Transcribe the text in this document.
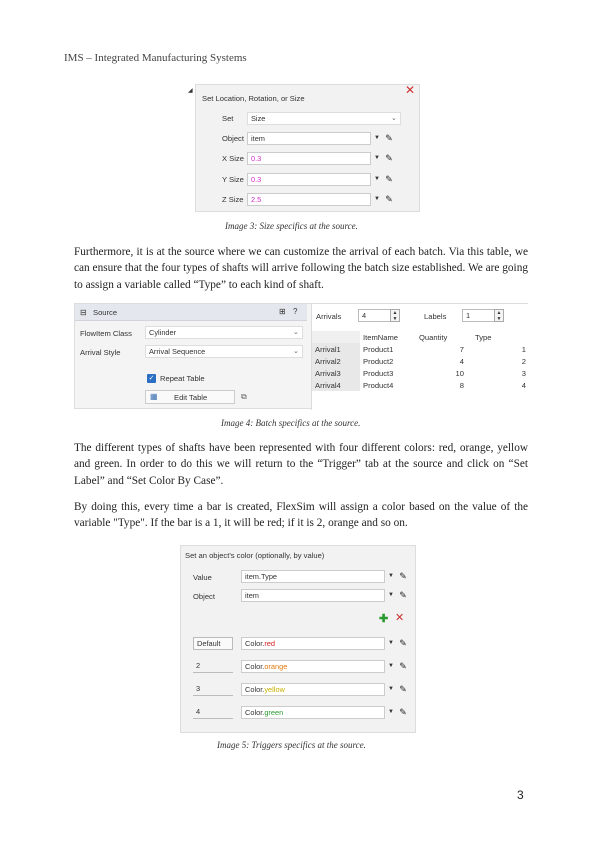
IMS – Integrated Manufacturing Systems
◢
Set Location, Rotation, or Size
✕
Set	Size	⌄
Object item	▼ ✎
X Size 0.3	▼ ✎
Y Size 0.3	▼ ✎
Z Size	2.5	▼ ✎
Image 3: Size specifics at the source.

Furthermore, it is at the source where we can customize the arrival of each batch. Via this table, we can ensure that the four types of shafts will arrive following the batch size established. We are going to assign a variable called “Type” to each kind of shaft.

⊟ Source	⊞ ?
FlowItem Class	Cylinder	⌄
Arrival Style	Arrival Sequence	⌄
✓ Repeat Table
▦ Edit Table	⧉
Arrivals	4	▲
▼	Labels	1	▲
▼
	ItemName	Quantity	Type
Arrival1	Product1	7	1
Arrival2	Product2	4	2
Arrival3	Product3	10	3
Arrival4	Product4	8	4
Image 4: Batch specifics at the source.

The different types of shafts have been represented with four different colors: red, orange, yellow and green. In order to do this we will return to the “Trigger” tab at the source and click on “Set Label” and “Set Color By Case”.

By doing this, every time a bar is created, FlexSim will assign a color based on the value of the variable "Type". If the bar is a 1, it will be red; if it is 2, orange and so on.

Set an object's color (optionally, by value)
Value	item.Type	▼ ✎
Object	item	▼ ✎
✚ ✕
Default	Color.red	▼ ✎
2	Color.orange	▼ ✎
3	Color.yellow	▼ ✎
4	Color.green	▼ ✎
Image 5: Triggers specifics at the source.
3
